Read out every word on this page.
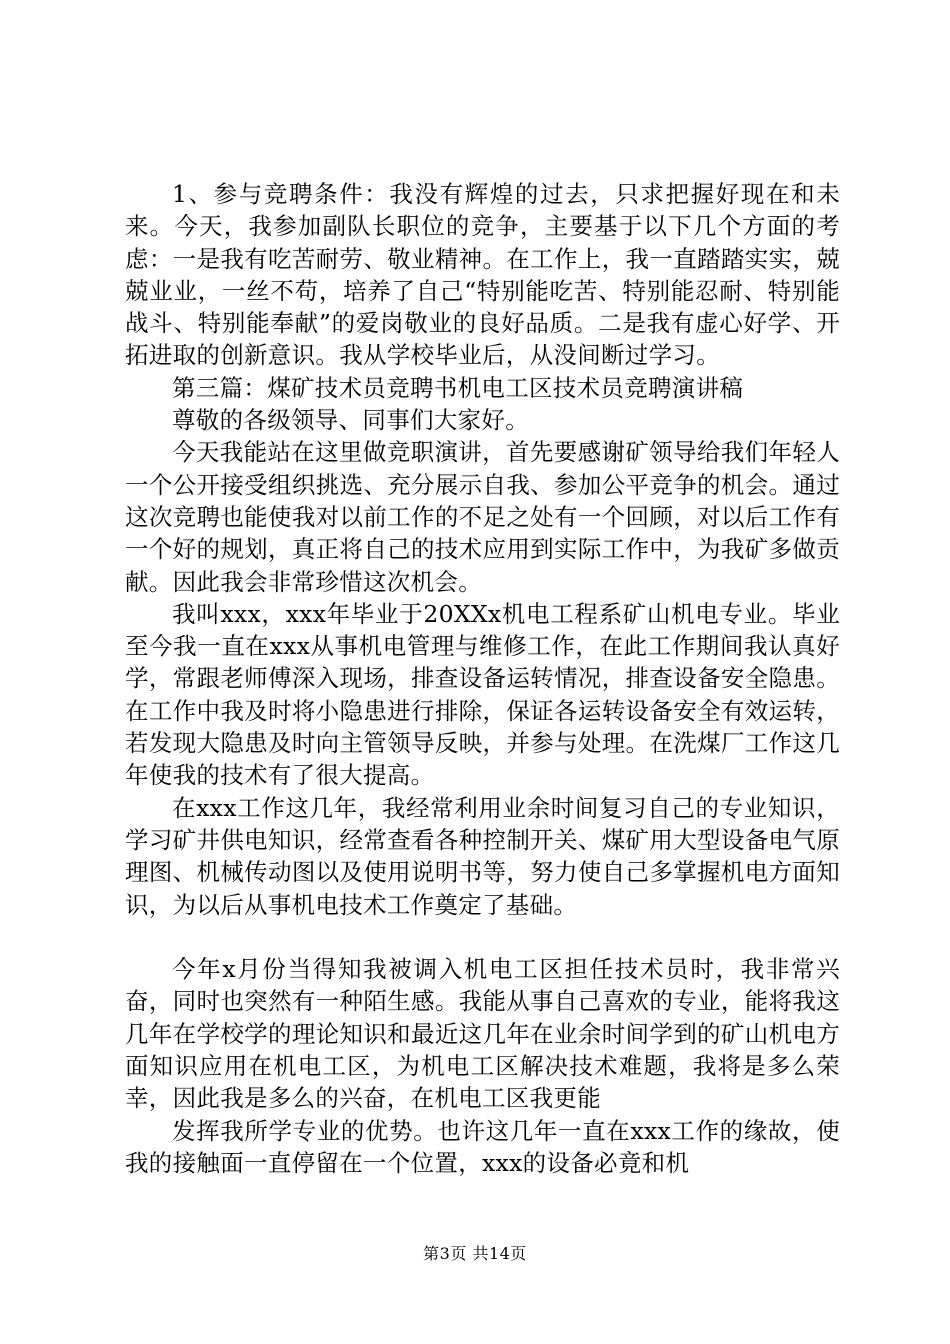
1、参与竞聘条件：我没有辉煌的过去，只求把握好现在和未来。今天，我参加副队长职位的竞争，主要基于以下几个方面的考虑：一是我有吃苦耐劳、敬业精神。在工作上，我一直踏踏实实，兢兢业业，一丝不苟，培养了自己“特别能吃苦、特别能忍耐、特别能战斗、特别能奉献”的爱岗敬业的良好品质。二是我有虚心好学、开拓进取的创新意识。我从学校毕业后，从没间断过学习。

第三篇：煤矿技术员竞聘书机电工区技术员竞聘演讲稿

尊敬的各级领导、同事们大家好。

今天我能站在这里做竞职演讲，首先要感谢矿领导给我们年轻人一个公开接受组织挑选、充分展示自我、参加公平竞争的机会。通过这次竞聘也能使我对以前工作的不足之处有一个回顾，对以后工作有一个好的规划，真正将自己的技术应用到实际工作中，为我矿多做贡献。因此我会非常珍惜这次机会。

我叫xxx，xxx年毕业于20XXx机电工程系矿山机电专业。毕业至今我一直在xxx从事机电管理与维修工作，在此工作期间我认真好学，常跟老师傅深入现场，排查设备运转情况，排查设备安全隐患。在工作中我及时将小隐患进行排除，保证各运转设备安全有效运转，若发现大隐患及时向主管领导反映，并参与处理。在洗煤厂工作这几年使我的技术有了很大提高。

在xxx工作这几年，我经常利用业余时间复习自己的专业知识，学习矿井供电知识，经常查看各种控制开关、煤矿用大型设备电气原理图、机械传动图以及使用说明书等，努力使自己多掌握机电方面知识，为以后从事机电技术工作奠定了基础。

今年x月份当得知我被调入机电工区担任技术员时，我非常兴奋，同时也突然有一种陌生感。我能从事自己喜欢的专业，能将我这几年在学校学的理论知识和最近这几年在业余时间学到的矿山机电方面知识应用在机电工区，为机电工区解决技术难题，我将是多么荣幸，因此我是多么的兴奋，在机电工区我更能

发挥我所学专业的优势。也许这几年一直在xxx工作的缘故，使我的接触面一直停留在一个位置，xxx的设备必竟和机

第3页 共14页
